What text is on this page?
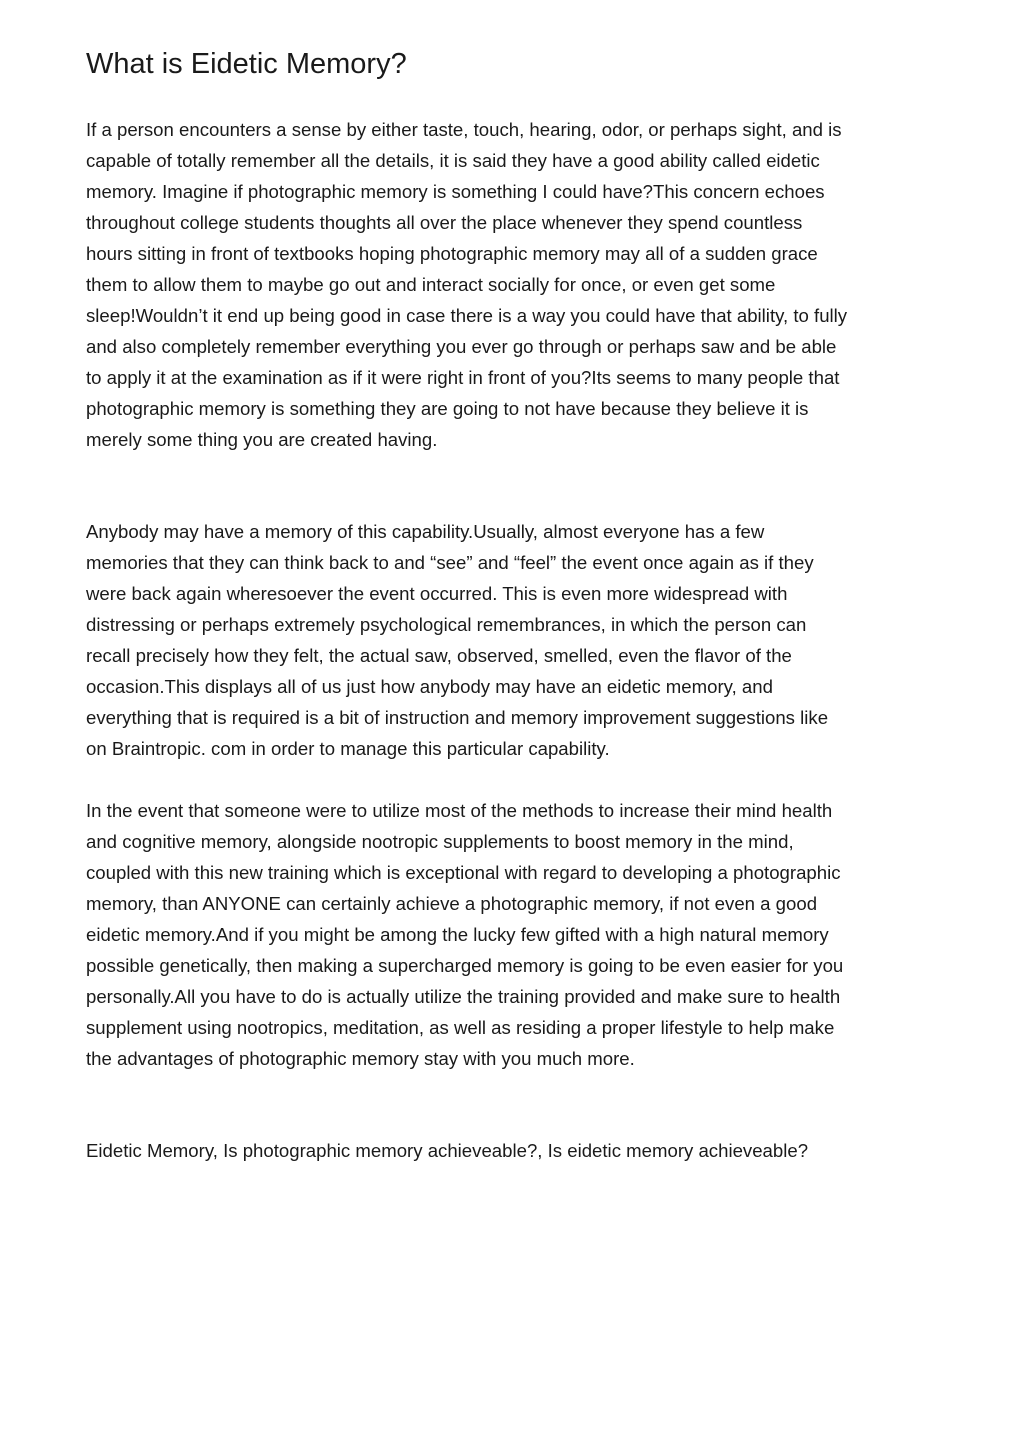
What is Eidetic Memory?

If a person encounters a sense by either taste, touch, hearing, odor, or perhaps sight, and is
capable of totally remember all the details, it is said they have a good ability called eidetic
memory. Imagine if photographic memory is something I could have?This concern echoes
throughout college students thoughts all over the place whenever they spend countless
hours sitting in front of textbooks hoping photographic memory may all of a sudden grace
them to allow them to maybe go out and interact socially for once, or even get some
sleep!Wouldn’t it end up being good in case there is a way you could have that ability, to fully
and also completely remember everything you ever go through or perhaps saw and be able
to apply it at the examination as if it were right in front of you?Its seems to many people that
photographic memory is something they are going to not have because they believe it is
merely some thing you are created having.

Anybody may have a memory of this capability.Usually, almost everyone has a few
memories that they can think back to and “see” and “feel” the event once again as if they
were back again wheresoever the event occurred. This is even more widespread with
distressing or perhaps extremely psychological remembrances, in which the person can
recall precisely how they felt, the actual saw, observed, smelled, even the flavor of the
occasion.This displays all of us just how anybody may have an eidetic memory, and
everything that is required is a bit of instruction and memory improvement suggestions like
on Braintropic. com in order to manage this particular capability.

In the event that someone were to utilize most of the methods to increase their mind health
and cognitive memory, alongside nootropic supplements to boost memory in the mind,
coupled with this new training which is exceptional with regard to developing a photographic
memory, than ANYONE can certainly achieve a photographic memory, if not even a good
eidetic memory.And if you might be among the lucky few gifted with a high natural memory
possible genetically, then making a supercharged memory is going to be even easier for you
personally.All you have to do is actually utilize the training provided and make sure to health
supplement using nootropics, meditation, as well as residing a proper lifestyle to help make
the advantages of photographic memory stay with you much more.

Eidetic Memory, Is photographic memory achieveable?, Is eidetic memory achieveable?
